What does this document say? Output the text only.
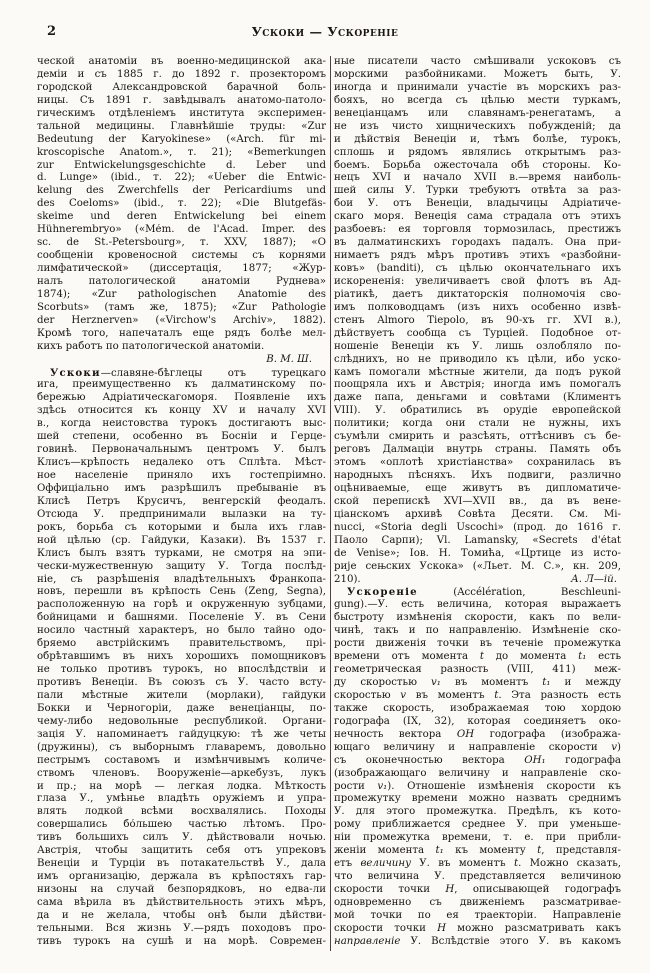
2	Ускоки — Ускореніе
ческой анатоміи въ военно-медицинской ака-
деміи и съ 1885 г. до 1892 г. прозекторомъ
городской Александровской барачной боль-
ницы. Съ 1891 г. завѣдывалъ анатомо-патоло-
гическимъ отдѣленіемъ института эксперимен-
тальной медицины. Главнѣйшіе труды: «Zur
Bedeutung der Karyokinese» («Arch. für mi-
kroscopische Anatom.», т. 21); «Bemerkungen
zur Entwickelungsgeschichte d. Leber und
d. Lunge» (ibid., т. 22); «Ueber die Entwic-
kelung des Zwerchfells der Pericardiums und
des Coeloms» (ibid., т. 22); «Die Blutgefäs-
skeime und deren Entwickelung bei einem
Hühnerembryo» («Mém. de l'Acad. Imper. des
sc. de St.-Petersbourg», т. XXV, 1887); «О
сообщеніи кровеносной системы съ корнями
лимфатической» (диссертація, 1877; «Жур-
налъ патологической анатоміи Руднева»
1874); «Zur pathologischen Anatomie des
Scorbuts» (тамъ же, 1875); «Zur Pathologie
der Herznerven» («Virchow's Archiv», 1882).
Кромѣ того, напечаталъ еще рядъ болѣе мел-
кихъ работъ по патологической анатоміи.
В. М. Ш.
Ускоки—славяне-бѣглецы отъ турецкаго
ига, преимущественно къ далматинскому по-
бережью Адріатическагоморя. Появленіе ихъ
здѣсь относится къ концу XV и началу XVI
в., когда неистовства турокъ достигаютъ выс-
шей степени, особенно въ Босніи и Герце-
говинѣ. Первоначальнымъ центромъ У. былъ
Клисъ—крѣпость недалеко отъ Сплѣта. Мѣст-
ное населеніе приняло ихъ гостепріимно.
Оффиціально имъ разрѣшилъ пребываніе въ
Клисѣ Петръ Крусичъ, венгерскій феодалъ.
Отсюда У. предпринимали вылазки на ту-
рокъ, борьба съ которыми и была ихъ глав-
ной цѣлью (ср. Гайдуки, Казаки). Въ 1537 г.
Клисъ былъ взятъ турками, не смотря на эпи-
чески-мужественную защиту У. Тогда послѣд-
ніе, съ разрѣшенія владѣтельныхъ Франкопа-
новъ, перешли въ крѣпость Сень (Zeng, Segna),
расположенную на горѣ и окруженную зубцами,
бойницами и башнями. Поселеніе У. въ Сени
носило частный характеръ, но было тайно одо-
бряемо австрійскимъ правительствомъ, прі-
обрѣтавшимъ въ нихъ хорошихъ помощниковъ
не только противъ турокъ, но впослѣдствіи и
противъ Венеціи. Въ союзъ съ У. часто всту-
пали мѣстные жители (морлаки), гайдуки
Бокки и Черногоріи, даже венеціанцы, по-
чему-либо недовольные республикой. Органи-
зація У. напоминаетъ гайдуцкую: тѣ же четы
(дружины), съ выборнымъ главаремъ, довольно
пестрымъ составомъ и измѣнчивымъ количе-
ствомъ членовъ. Вооруженіе—аркебузъ, лукъ
и пр.; на морѣ — легкая лодка. Мѣткость
глаза У., умѣнье владѣть оружіемъ и упра-
влять лодкой всѣми восхвалялись. Походы
совершались бо́льшею частью лѣтомъ. Про-
тивъ большихъ силъ У. дѣйствовали ночью.
Австрія, чтобы защитить себя отъ упрековъ
Венеціи и Турціи въ потакательствѣ У., дала
имъ организацію, держала въ крѣпостяхъ гар-
низоны на случай безпорядковъ, но едва-ли
сама вѣрила въ дѣйствительность этихъ мѣръ,
да и не желала, чтобы онѣ были дѣйстви-
тельными. Вся жизнь У.—рядъ походовъ про-
тивъ турокъ на сушѣ и на морѣ. Современ-
ные писатели часто смѣшивали ускоковъ съ
морскими разбойниками. Можетъ быть, У.
иногда и принимали участіе въ морскихъ раз-
бояхъ, но всегда съ цѣлью мести туркамъ,
венеціанцамъ или славянамъ-ренегатамъ, а
не изъ чисто хищническихъ побужденій; да
и дѣйствія Венеціи и, тѣмъ болѣе, турокъ,
сплошь и рядомъ являлись открытымъ раз-
боемъ. Борьба ожесточала обѣ стороны. Ко-
нецъ XVI и начало XVII в.—время наиболь-
шей силы У. Турки требуютъ отвѣта за раз-
бои У. отъ Венеціи, владычицы Адріатиче-
скаго моря. Венеція сама страдала отъ этихъ
разбоевъ: ея торговля тормозилась, престижъ
въ далматинскихъ городахъ падалъ. Она при-
нимаетъ рядъ мѣръ противъ этихъ «разбойни-
ковъ» (banditi), съ цѣлью окончательнаго ихъ
искорененія: увеличиваетъ свой флотъ въ Ад-
ріатикѣ, даетъ диктаторскія полномочія сво-
имъ полководцамъ (изъ нихъ особенно извѣ-
стенъ Almoro Tiepolo, въ 90-хъ гг. XVI в.),
дѣйствуетъ сообща съ Турціей. Подобное от-
ношеніе Венеціи къ У. лишь озлобляло по-
слѣднихъ, но не приводило къ цѣли, ибо уско-
камъ помогали мѣстные жители, да подъ рукой
поощряла ихъ и Австрія; иногда имъ помогалъ
даже папа, деньгами и совѣтами (Климентъ
VIII). У. обратились въ орудіе европейской
политики; когда они стали не нужны, ихъ
съумѣли смирить и разсѣять, оттѣснивъ съ бе-
реговъ Далмаціи внутрь страны. Память объ
этомъ «оплотѣ христіанства» сохранилась въ
народныхъ пѣсняхъ. Ихъ подвиги, различно
оцѣниваемые, еще живутъ въ дипломатиче-
ской перепискѣ XVI—XVII вв., да въ вене-
ціанскомъ архивѣ Совѣта Десяти. См. Mi-
nucci, «Storia degli Uscochi» (прод. до 1616 г.
Паоло Сарпи); Vl. Lamansky, «Secrets d'état
de Venise»; Іов. Н. Томића, «Цртице из исто-
рије сењских Ускока» («Льет. М. С.», кн. 209,
А. Л—ій.
210).
Ускореніе (Accélération, Beschleuni-
gung).—У. есть величина, которая выражаетъ
быстроту измѣненія скорости, какъ по вели-
чинѣ, такъ и по направленію. Измѣненіе ско-
рости движенія точки въ теченіе промежутка
времени отъ момента t до момента t₁ есть
геометрическая разность (VIII, 411) меж-
ду скоростью v₁ въ моментъ t₁ и между
скоростью v въ моментъ t. Эта разность есть
также скорость, изображаемая тою хордою
годографа (IX, 32), которая соединяетъ око-
нечность вектора OH годографа (изобража-
ющаго величину и направленіе скорости v)
съ оконечностью вектора OH₁ годографа
(изображающаго величину и направленіе ско-
рости v₁). Отношеніе измѣненія скорости къ
промежутку времени можно назвать среднимъ
У. для этого промежутка. Предѣлъ, къ кото-
рому приближается среднее У. при уменьше-
ніи промежутка времени, т. е. при прибли-
женіи момента t₁ къ моменту t, представля-
етъ величину У. въ моментъ t. Можно сказать,
что величина У. представляется величиною
скорости точки H, описывающей годографъ
одновременно съ движеніемъ разсматривае-
мой точки по ея траекторіи. Направленіе
скорости точки H можно разсматривать какъ
направленіе У. Вслѣдствіе этого У. въ какомъ
